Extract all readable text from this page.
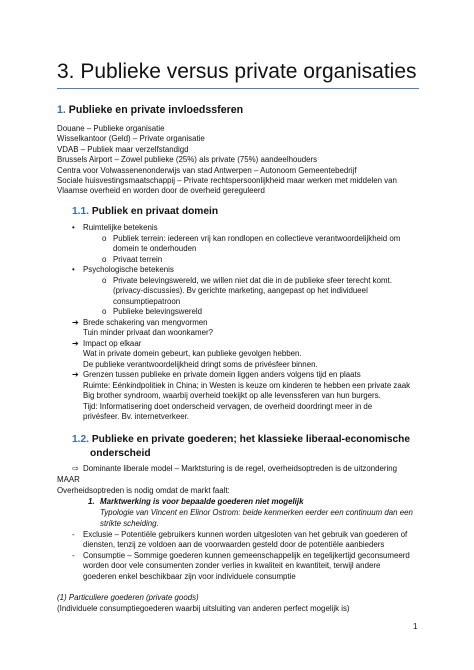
3. Publieke versus private organisaties
1. Publieke en private invloedssferen
Douane – Publieke organisatie
Wisselkantoor (Geld) – Private organisatie
VDAB – Publiek maar verzelfstandigd
Brussels Airport – Zowel publieke (25%) als private (75%) aandeelhouders
Centra voor Volwassenenonderwijs van stad Antwerpen – Autonoom Gemeentebedrijf
Sociale huisvestingsmaatschappij – Private rechtspersoonlijkheid maar werken met middelen van
Vlaamse overheid en worden door de overheid gereguleerd
1.1. Publiek en privaat domein
• Ruimtelijke betekenis
o Publiek terrein: iedereen vrij kan rondlopen en collectieve verantwoordelijkheid om
domein te onderhouden
o Privaat terrein
• Psychologische betekenis
o Private belevingswereld, we willen niet dat die in de publieke sfeer terecht komt.
(privacy-discussies). Bv gerichte marketing, aangepast op het individueel
consumptiepatroon
o Publieke belevingswereld
➔ Brede schakering van mengvormen
Tuin minder privaat dan woonkamer?
➔ Impact op elkaar
Wat in private domein gebeurt, kan publieke gevolgen hebben.
De publieke verantwoordelijkheid dringt soms de privésfeer binnen.
➔ Grenzen tussen publieke en private domein liggen anders volgens tijd en plaats
Ruimte: Eénkindpolitiek in China; in Westen is keuze om kinderen te hebben een private zaak
Big brother syndroom, waarbij overheid toekijkt op alle levenssferen van hun burgers.
Tijd: Informatisering doet onderscheid vervagen, de overheid doordringt meer in de
privésfeer. Bv. internetverkeer.
1.2. Publieke en private goederen; het klassieke liberaal-economische
onderscheid
⇨ Dominante liberale model – Marktsturing is de regel, overheidsoptreden is de uitzondering
MAAR
Overheidsoptreden is nodig omdat de markt faalt:
1. Marktwerking is voor bepaalde goederen niet mogelijk
Typologie van Vincent en Elinor Ostrom: beide kenmerken eerder een continuum dan een
strikte scheiding.
- Exclusie – Potentiële gebruikers kunnen worden uitgesloten van het gebruik van goederen of
diensten, tenzij ze voldoen aan de voorwaarden gesteld door de potentiële aanbieders
- Consumptie – Sommige goederen kunnen gemeenschappelijk en tegelijkertijd geconsumeerd
worden door vele consumenten zonder verlies in kwaliteit en kwantiteit, terwijl andere
goederen enkel beschikbaar zijn voor individuele consumptie
(1) Particuliere goederen (private goods)
(Individuele consumptiegoederen waarbij uitsluiting van anderen perfect mogelijk is)
1
